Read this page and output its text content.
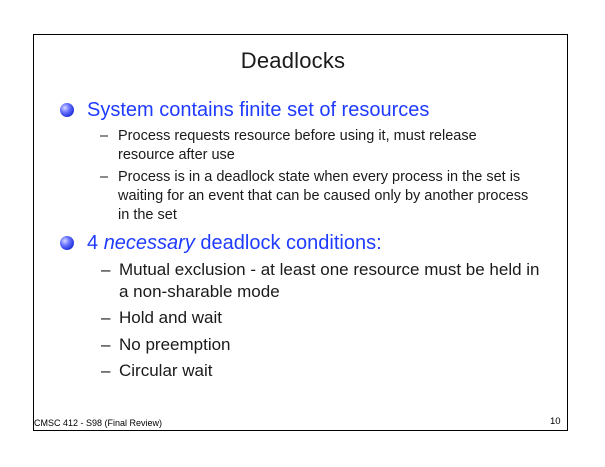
Deadlocks
System contains finite set of resources
– Process requests resource before using it, must release resource after use
– Process is in a deadlock state when every process in the set is waiting for an event that can be caused only by another process in the set
4 necessary deadlock conditions:
– Mutual exclusion - at least one resource must be held in a non-sharable mode
– Hold and wait
– No preemption
– Circular wait
CMSC 412 - S98 (Final Review)	10
